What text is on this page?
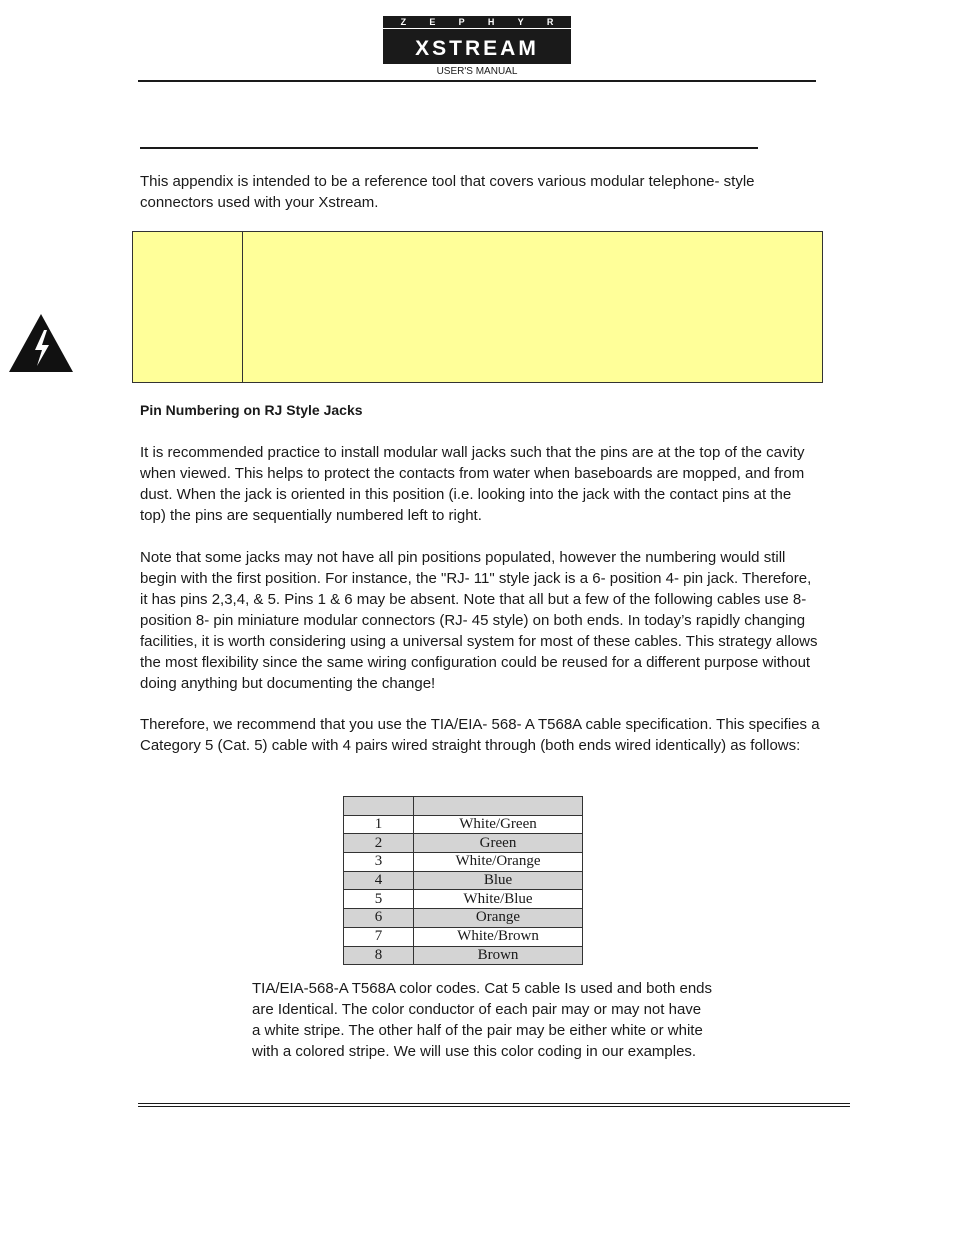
Z	E	P	H	Y	R
XSTREAM
USER'S MANUAL

This appendix is intended to be a reference tool that covers various modular telephone- style connectors used with your Xstream.

Pin Numbering on RJ Style Jacks

It is recommended practice to install modular wall jacks such that the pins are at the top of the cavity when viewed. This helps to protect the contacts from water when baseboards are mopped, and from dust. When the jack is oriented in this position (i.e. looking into the jack with the contact pins at the top) the pins are sequentially numbered left to right.

Note that some jacks may not have all pin positions populated, however the numbering would still begin with the first position. For instance, the "RJ- 11" style jack is a 6- position 4- pin jack. Therefore, it has pins 2,3,4, & 5. Pins 1 & 6 may be absent. Note that all but a few of the following cables use 8- position 8- pin miniature modular connectors (RJ- 45 style) on both ends. In today’s rapidly changing facilities, it is worth considering using a universal system for most of these cables. This strategy allows the most flexibility since the same wiring configuration could be reused for a different purpose without doing anything but documenting the change!

Therefore, we recommend that you use the TIA/EIA- 568- A T568A cable specification. This specifies a Category 5 (Cat. 5) cable with 4 pairs wired straight through (both ends wired identically) as follows:

1	White/Green
2	Green
3	White/Orange
4	Blue
5	White/Blue
6	Orange
7	White/Brown
8	Brown
TIA/EIA-568-A T568A color codes. Cat 5 cable Is used and both ends are Identical. The color conductor of each pair may or may not have a white stripe. The other half of the pair may be either white or white with a colored stripe. We will use this color coding in our examples.
